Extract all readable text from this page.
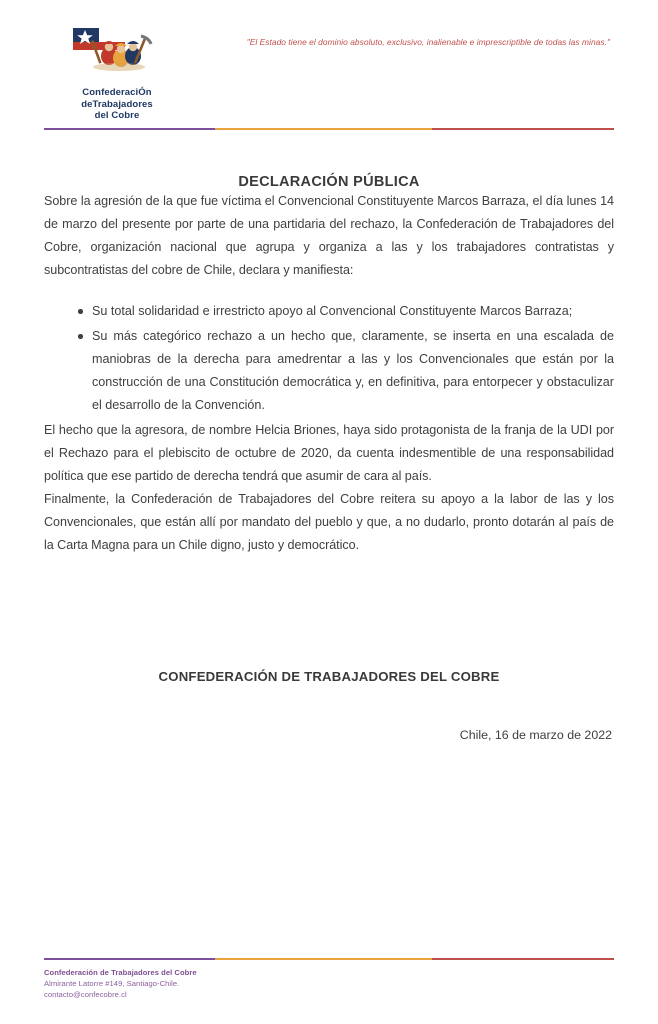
ConfederaciÓn deTrabajadores
del Cobre
"El Estado tiene el dominio absoluto, exclusivo, inalienable e imprescriptible de todas las minas."
DECLARACIÓN PÚBLICA

Sobre la agresión de la que fue víctima el Convencional Constituyente Marcos Barraza, el día lunes 14 de marzo del presente por parte de una partidaria del rechazo, la Confederación de Trabajadores del Cobre, organización nacional que agrupa y organiza a las y los trabajadores contratistas y subcontratistas del cobre de Chile, declara y manifiesta:

Su total solidaridad e irrestricto apoyo al Convencional Constituyente Marcos Barraza;
Su más categórico rechazo a un hecho que, claramente, se inserta en una escalada de maniobras de la derecha para amedrentar a las y los Convencionales que están por la construcción de una Constitución democrática y, en definitiva, para entorpecer y obstaculizar el desarrollo de la Convención.

El hecho que la agresora, de nombre Helcia Briones, haya sido protagonista de la franja de la UDI por el Rechazo para el plebiscito de octubre de 2020, da cuenta indesmentible de una responsabilidad política que ese partido de derecha tendrá que asumir de cara al país.

Finalmente, la Confederación de Trabajadores del Cobre reitera su apoyo a la labor de las y los Convencionales, que están allí por mandato del pueblo y que, a no dudarlo, pronto dotarán al país de la Carta Magna para un Chile digno, justo y democrático.

CONFEDERACIÓN DE TRABAJADORES DEL COBRE
Chile, 16 de marzo de 2022
Confederación de Trabajadores del Cobre
Almirante Latorre #149, Santiago-Chile.
contacto@confecobre.cl
